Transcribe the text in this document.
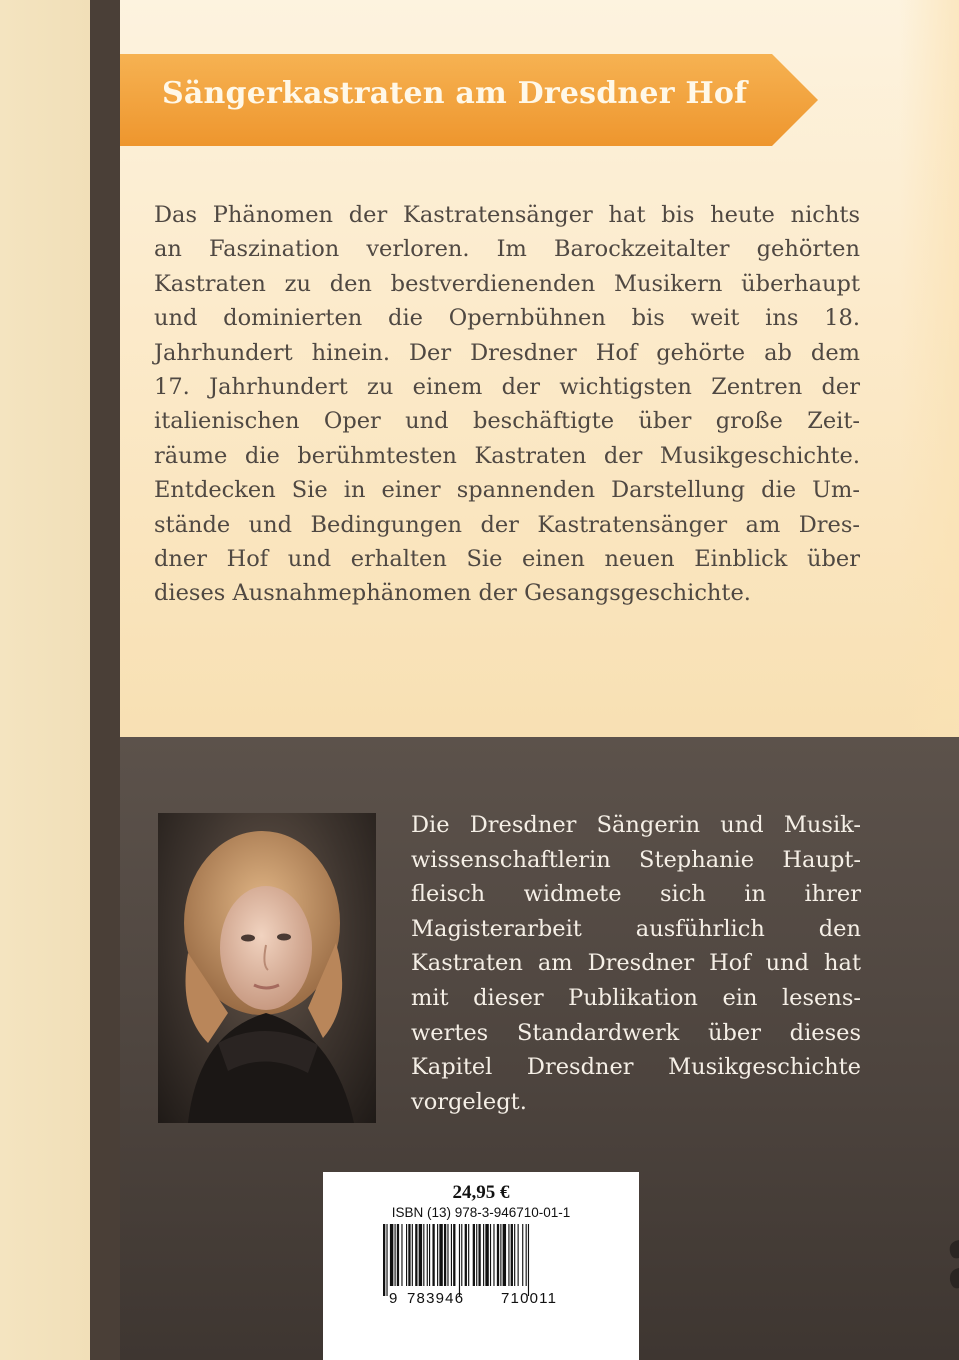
Sängerkastraten am Dresdner Hof
Das Phänomen der Kastratensänger hat bis heute nichts
an Faszination verloren. Im Barockzeitalter gehörten
Kastraten zu den bestverdienenden Musikern überhaupt
und dominierten die Opernbühnen bis weit ins 18.
Jahrhundert hinein. Der Dresdner Hof gehörte ab dem
17. Jahrhundert zu einem der wichtigsten Zentren der
italienischen Oper und beschäftigte über große Zeit-
räume die berühmtesten Kastraten der Musikgeschichte.
Entdecken Sie in einer spannenden Darstellung die Um-
stände und Bedingungen der Kastratensänger am Dres-
dner Hof und erhalten Sie einen neuen Einblick über
dieses Ausnahmephänomen der Gesangsgeschichte.
Die Dresdner Sängerin und Musik-
wissenschaftlerin Stephanie Haupt-
fleisch widmete sich in ihrer
Magisterarbeit ausführlich den
Kastraten am Dresdner Hof und hat
mit dieser Publikation ein lesens-
wertes Standardwerk über dieses
Kapitel Dresdner Musikgeschichte
vorgelegt.
24,95 €
ISBN (13) 978-3-946710-01-1
9 783946 710011
